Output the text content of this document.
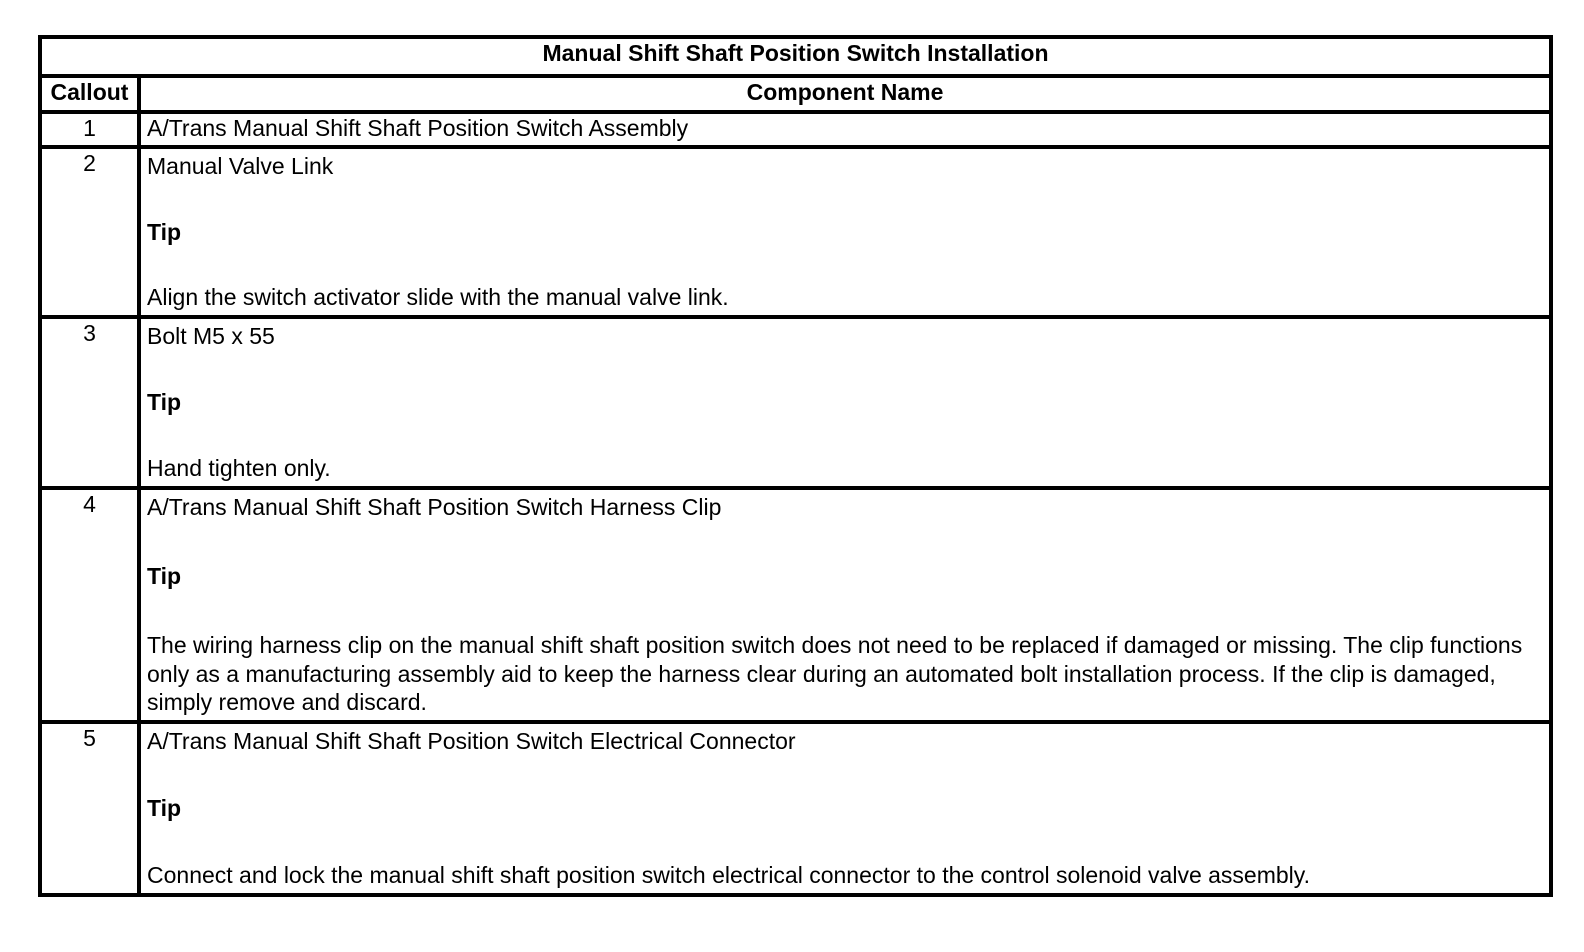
Manual Shift Shaft Position Switch Installation	
Callout	Component Name
1	A/Trans Manual Shift Shaft Position Switch Assembly
2	Manual Valve Link
Tip
Align the switch activator slide with the manual valve link.

3	Bolt M5 x 55
Tip
Hand tighten only.

4	A/Trans Manual Shift Shaft Position Switch Harness Clip
Tip
The wiring harness clip on the manual shift shaft position switch does not need to be replaced if damaged or missing. The clip functions only as a manufacturing assembly aid to keep the harness clear during an automated bolt installation process. If the clip is damaged, simply remove and discard.

5	A/Trans Manual Shift Shaft Position Switch Electrical Connector
Tip
Connect and lock the manual shift shaft position switch electrical connector to the control solenoid valve assembly.
